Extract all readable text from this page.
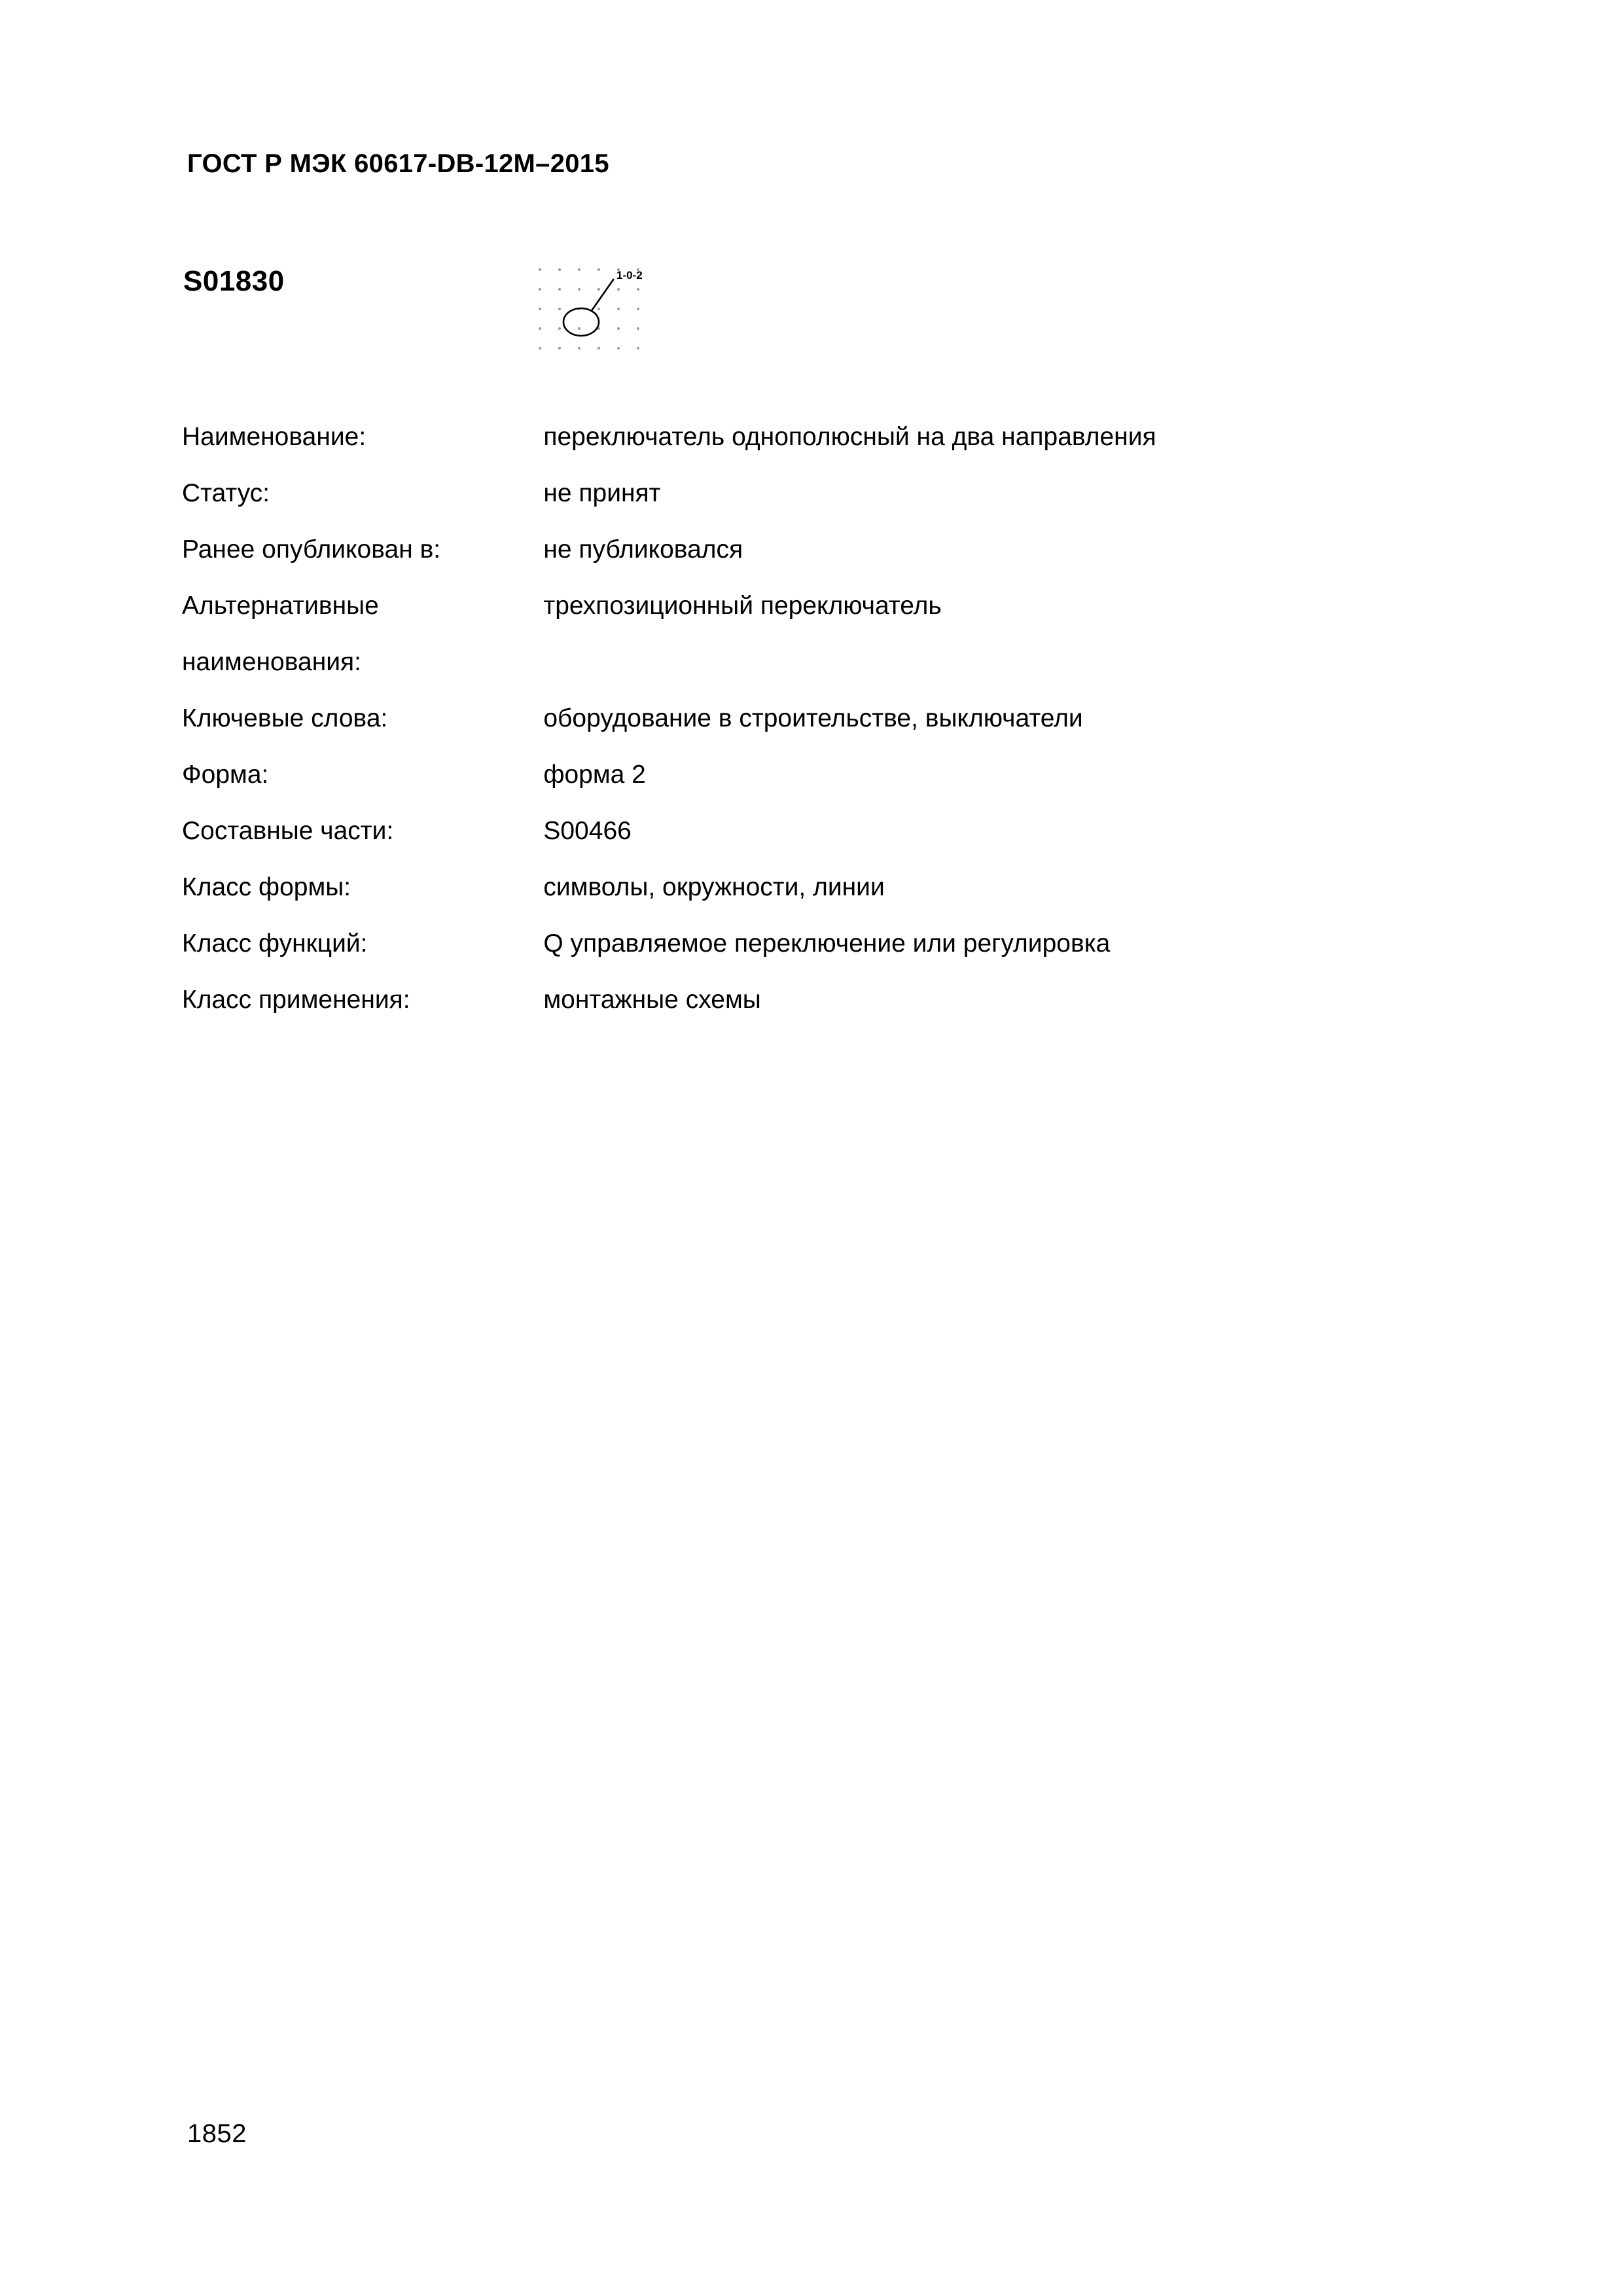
ГОСТ Р МЭК 60617-DB-12M–2015
S01830	1-0-2
Наименование:	переключатель однополюсный на два направления
Статус:	не принят
Ранее опубликован в:	не публиковался
Альтернативные наименования:	трехпозиционный переключатель
Ключевые слова:	оборудование в строительстве, выключатели
Форма:	форма 2
Составные части:	S00466
Класс формы:	символы, окружности, линии
Класс функций:	Q управляемое переключение или регулировка
Класс применения:	монтажные схемы
1852
